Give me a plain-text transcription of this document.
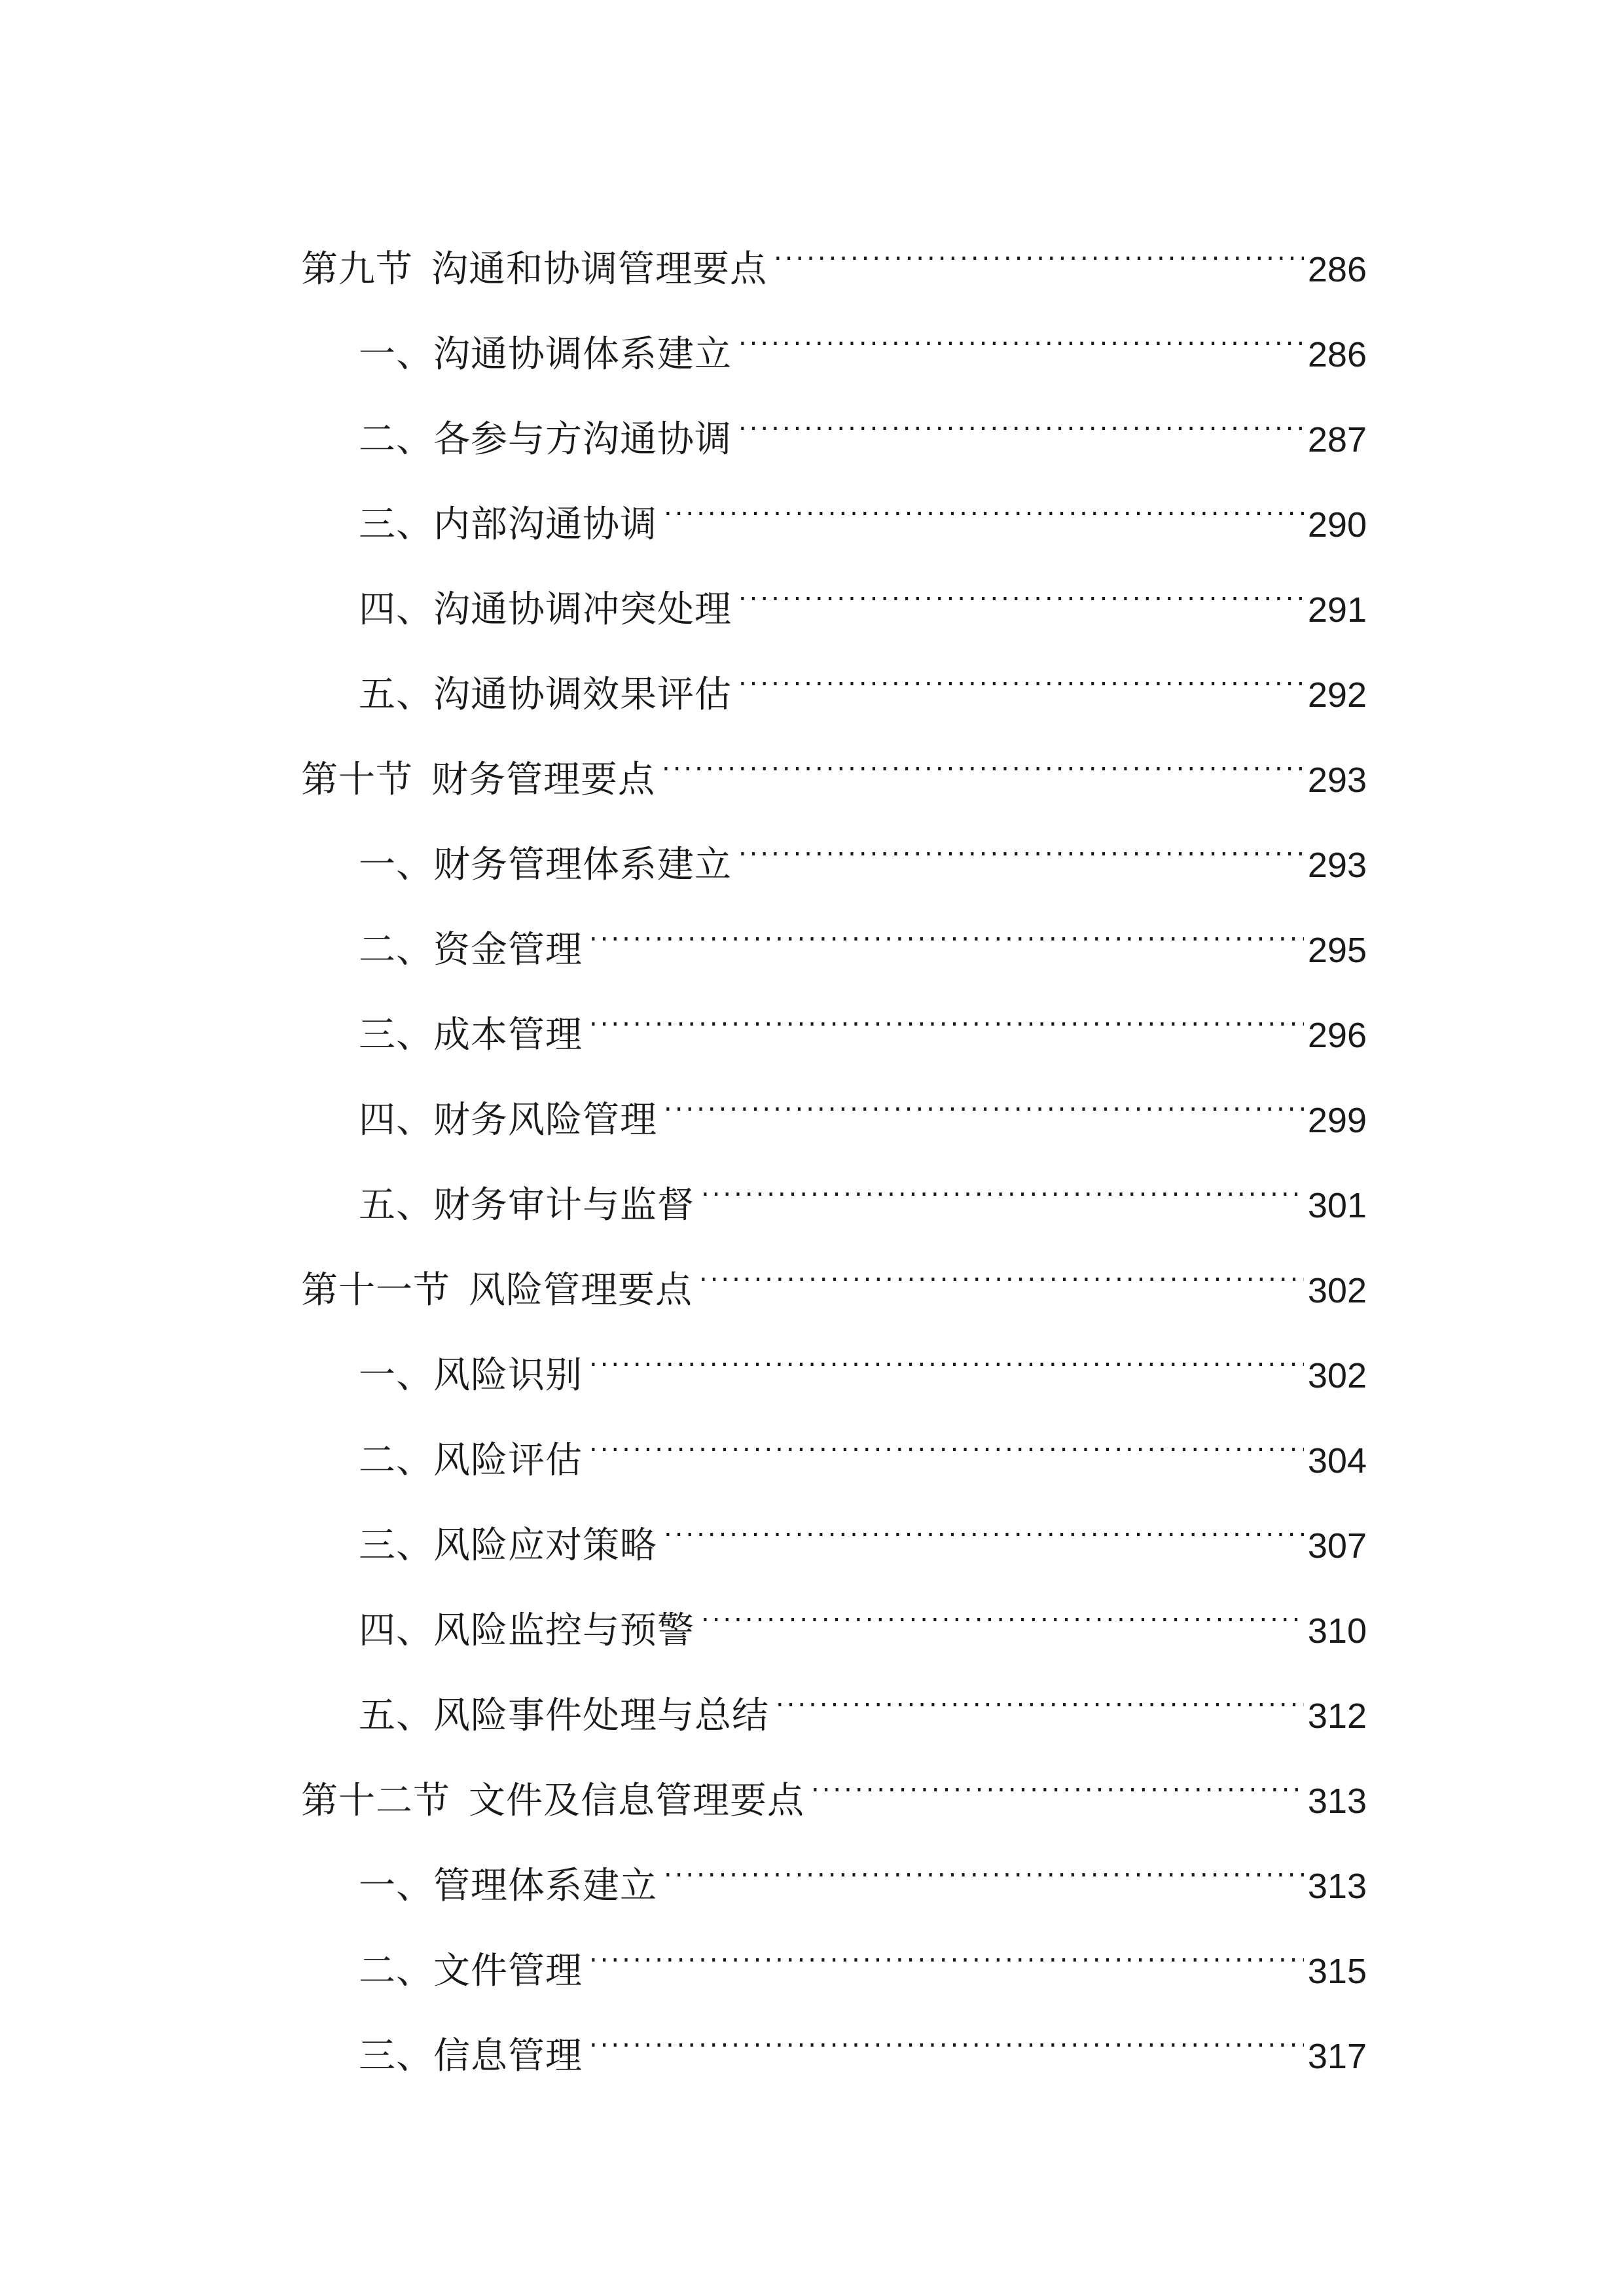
第九节 沟通和协调管理要点 .....	286
一、沟通协调体系建立 .....	286
二、各参与方沟通协调 .....	287
三、内部沟通协调 .....	290
四、沟通协调冲突处理 .....	291
五、沟通协调效果评估 .....	292
第十节 财务管理要点 .....	293
一、财务管理体系建立 .....	293
二、资金管理 .....	295
三、成本管理 .....	296
四、财务风险管理 .....	299
五、财务审计与监督 .....	301
第十一节 风险管理要点 .....	302
一、风险识别 .....	302
二、风险评估 .....	304
三、风险应对策略 .....	307
四、风险监控与预警 .....	310
五、风险事件处理与总结 .....	312
第十二节 文件及信息管理要点 .....	313
一、管理体系建立 .....	313
二、文件管理 .....	315
三、信息管理 .....	317
